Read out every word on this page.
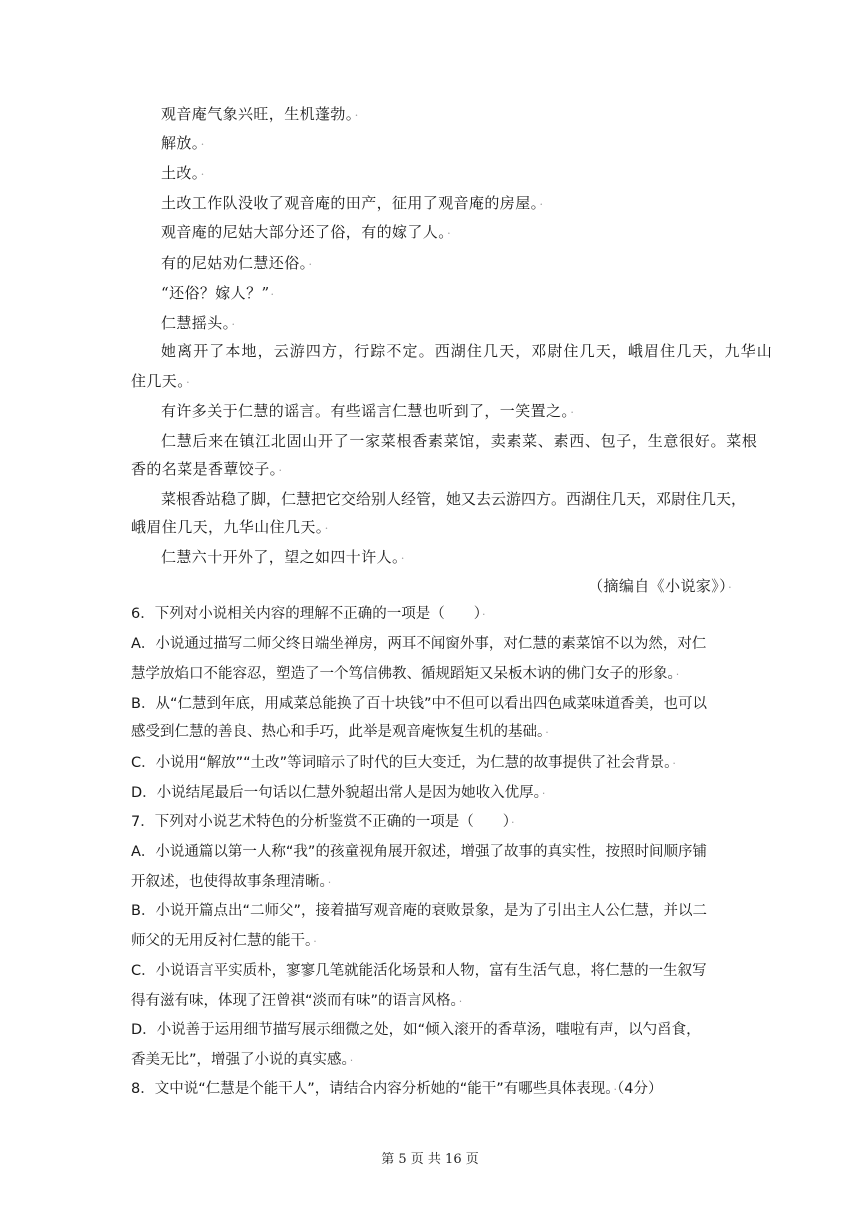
观音庵气象兴旺，生机蓬勃。·
解放。·
土改。·
土改工作队没收了观音庵的田产，征用了观音庵的房屋。·
观音庵的尼姑大部分还了俗，有的嫁了人。·
有的尼姑劝仁慧还俗。·
“还俗？嫁人？”·
仁慧摇头。·
她离开了本地，云游四方，行踪不定。西湖住几天，邓尉住几天，峨眉住几天，九华山
住几天。·
有许多关于仁慧的谣言。有些谣言仁慧也听到了，一笑置之。·
仁慧后来在镇江北固山开了一家菜根香素菜馆，卖素菜、素西、包子，生意很好。菜根
香的名菜是香蕈饺子。·
菜根香站稳了脚，仁慧把它交给别人经管，她又去云游四方。西湖住几天，邓尉住几天，
峨眉住几天，九华山住几天。·
仁慧六十开外了，望之如四十许人。·
（摘编自《小说家》）·
6．下列对小说相关内容的理解不正确的一项是（　　）·
A．小说通过描写二师父终日端坐禅房，两耳不闻窗外事，对仁慧的素菜馆不以为然，对仁
慧学放焰口不能容忍，塑造了一个笃信佛教、循规蹈矩又呆板木讷的佛门女子的形象。·
B．从“仁慧到年底，用咸菜总能换了百十块钱”中不但可以看出四色咸菜味道香美，也可以
感受到仁慧的善良、热心和手巧，此举是观音庵恢复生机的基础。·
C．小说用“解放”“土改”等词暗示了时代的巨大变迁，为仁慧的故事提供了社会背景。·
D．小说结尾最后一句话以仁慧外貌超出常人是因为她收入优厚。·
7．下列对小说艺术特色的分析鉴赏不正确的一项是（　　）·
A．小说通篇以第一人称“我”的孩童视角展开叙述，增强了故事的真实性，按照时间顺序铺
开叙述，也使得故事条理清晰。·
B．小说开篇点出“二师父”，接着描写观音庵的衰败景象，是为了引出主人公仁慧，并以二
师父的无用反衬仁慧的能干。·
C．小说语言平实质朴，寥寥几笔就能活化场景和人物，富有生活气息，将仁慧的一生叙写
得有滋有味，体现了汪曾祺“淡而有味”的语言风格。·
D．小说善于运用细节描写展示细微之处，如“倾入滚开的香草汤，嗤啦有声，以勺舀食，
香美无比”，增强了小说的真实感。·
8．文中说“仁慧是个能干人”，请结合内容分析她的“能干”有哪些具体表现。·（4分）
第 5 页 共 16 页
